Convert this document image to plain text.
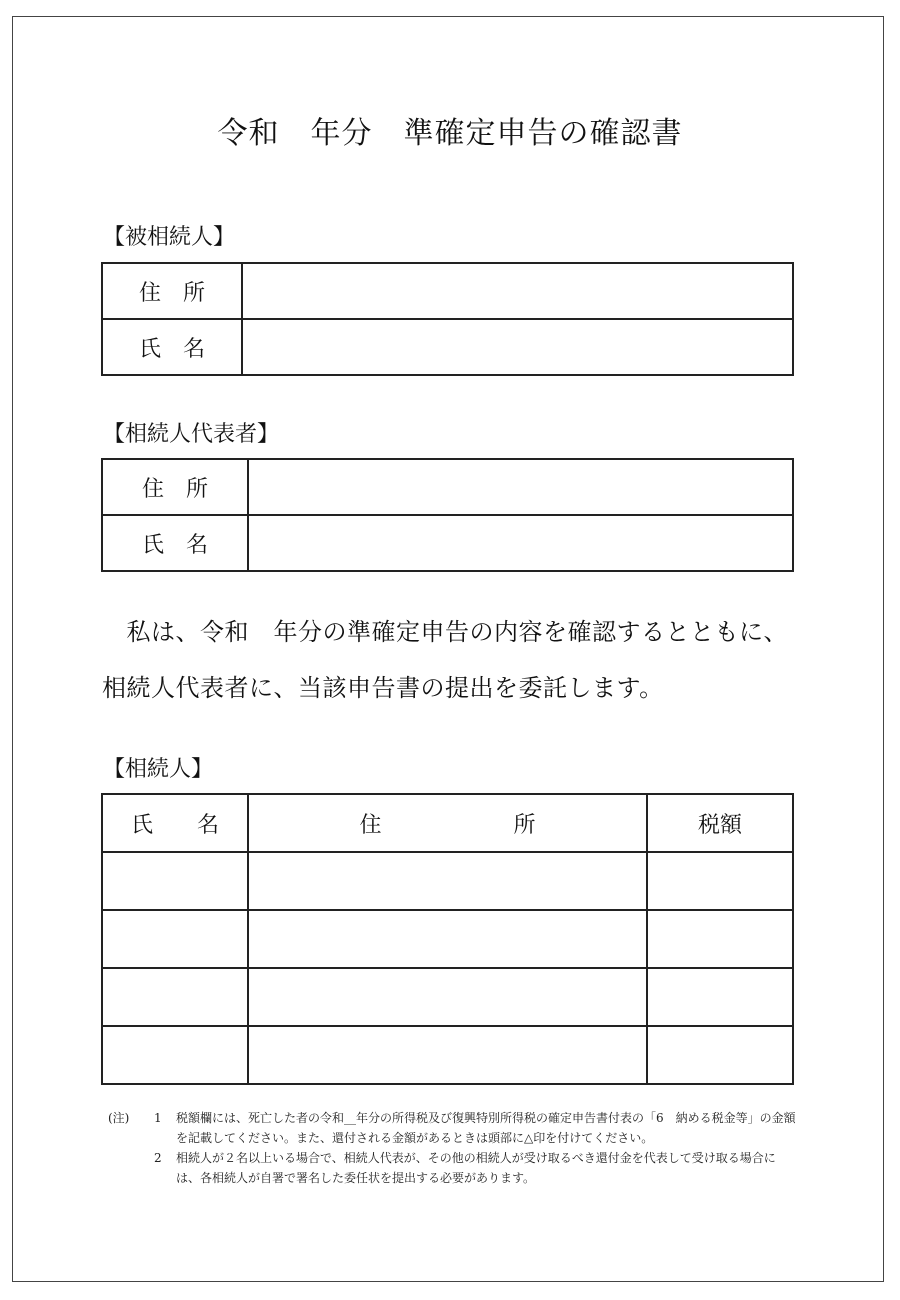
令和　年分　準確定申告の確認書
【被相続人】
住　所	
氏　名	
【相続人代表者】
住　所	
氏　名	
　私は、令和　年分の準確定申告の内容を確認するとともに、
相続人代表者に、当該申告書の提出を委託します。
【相続人】
氏　　名	住　　　　　　所	税額

(注)	1	税額欄には、死亡した者の令和__年分の所得税及び復興特別所得税の確定申告書付表の「6　納める税金等」の金額を記載してください。また、還付される金額があるときは頭部に△印を付けてください。
2	相続人が２名以上いる場合で、相続人代表が、その他の相続人が受け取るべき還付金を代表して受け取る場合には、各相続人が自署で署名した委任状を提出する必要があります。
